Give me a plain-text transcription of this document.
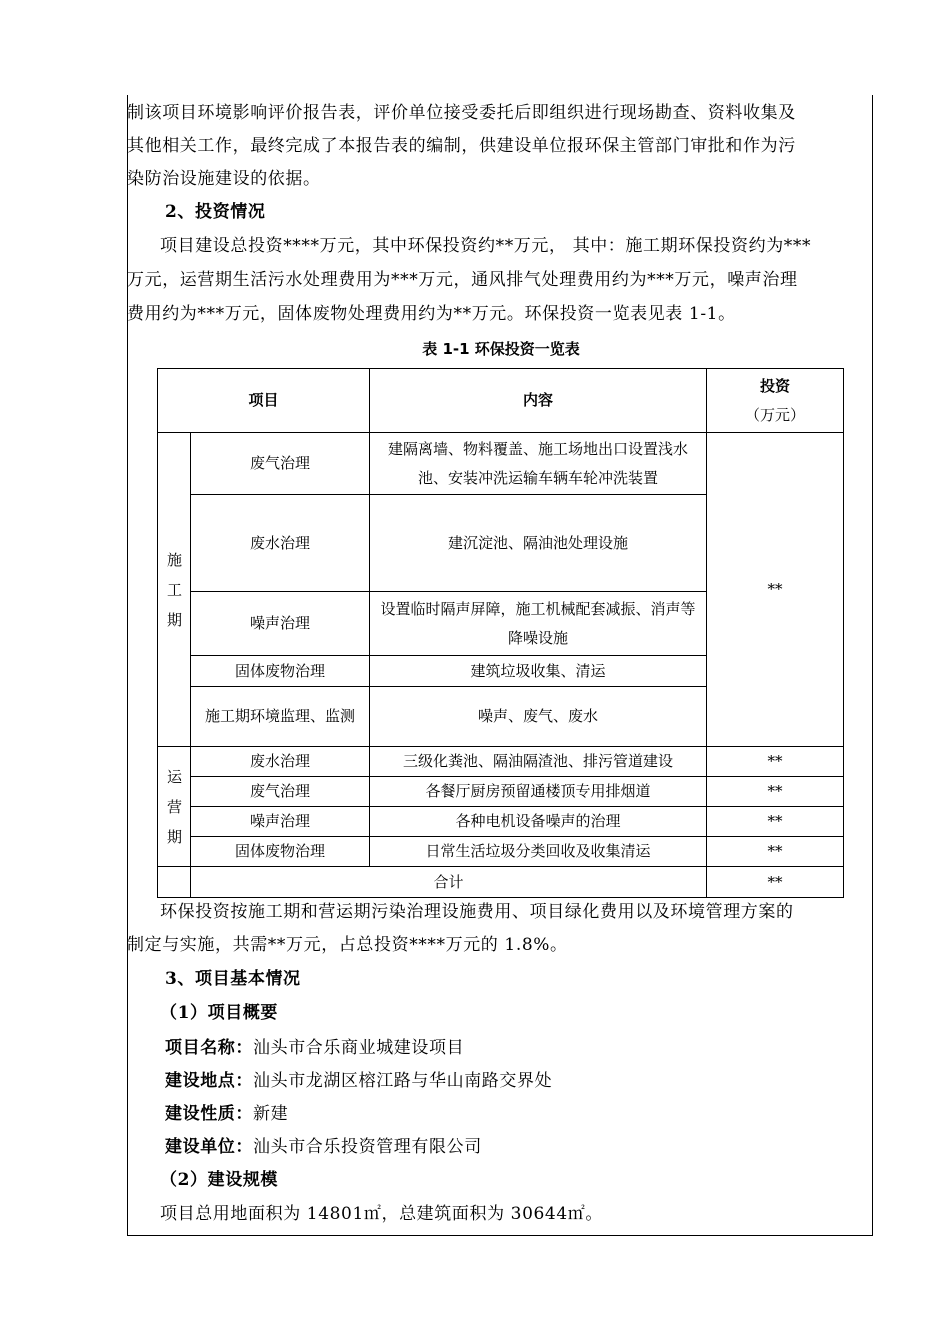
制该项目环境影响评价报告表，评价单位接受委托后即组织进行现场勘查、资料收集及
其他相关工作，最终完成了本报告表的编制，供建设单位报环保主管部门审批和作为污
染防治设施建设的依据。
2、投资情况
项目建设总投资****万元，其中环保投资约**万元， 其中：施工期环保投资约为***
万元，运营期生活污水处理费用为***万元，通风排气处理费用约为***万元，噪声治理
费用约为***万元，固体废物处理费用约为**万元。环保投资一览表见表 1-1。
表 1-1 环保投资一览表
项目		内容	投资
（万元）

施工期	废气治理	建隔离墙、物料覆盖、施工场地出口设置浅水池、安装冲洗运输车辆车轮冲洗装置	**
	废水治理	建沉淀池、隔油池处理设施	
	噪声治理	设置临时隔声屏障，施工机械配套减振、消声等降噪设施	
	固体废物治理	建筑垃圾收集、清运	
	施工期环境监理、监测	噪声、废气、废水	

运营期	废水治理	三级化粪池、隔油隔渣池、排污管道建设	**
	废气治理	各餐厅厨房预留通楼顶专用排烟道	**
	噪声治理	各种电机设备噪声的治理	**
	固体废物治理	日常生活垃圾分类回收及收集清运	**
	合计		**
环保投资按施工期和营运期污染治理设施费用、项目绿化费用以及环境管理方案的
制定与实施，共需**万元，占总投资****万元的 1.8%。
3、项目基本情况
（1）项目概要
项目名称：汕头市合乐商业城建设项目
建设地点：汕头市龙湖区榕江路与华山南路交界处
建设性质：新建
建设单位：汕头市合乐投资管理有限公司
（2）建设规模
项目总用地面积为 14801㎡，总建筑面积为 30644㎡。
